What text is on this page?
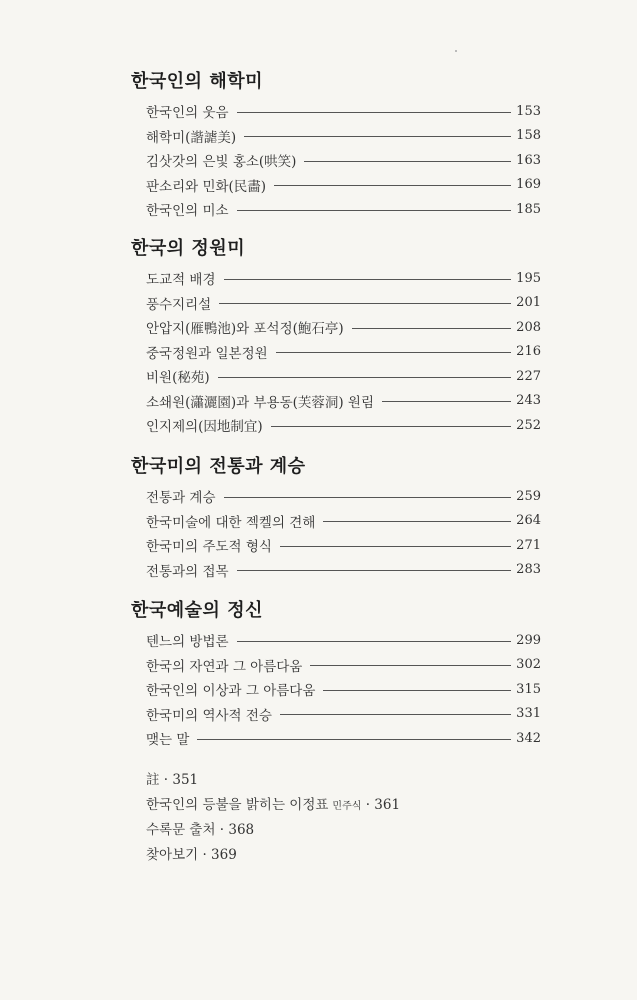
한국인의 해학미
한국인의 웃음	153
해학미(諧謔美)	158
김삿갓의 은빛 홍소(哄笑)	163
판소리와 민화(民畵)	169
한국인의 미소	185
한국의 정원미
도교적 배경	195
풍수지리설	201
안압지(雁鴨池)와 포석정(鮑石亭)	208
중국정원과 일본정원	216
비원(秘苑)	227
소쇄원(瀟灑園)과 부용동(芙蓉洞) 원림	243
인지제의(因地制宜)	252
한국미의 전통과 계승
전통과 계승	259
한국미술에 대한 젝켈의 견해	264
한국미의 주도적 형식	271
전통과의 접목	283
한국예술의 정신
텐느의 방법론	299
한국의 자연과 그 아름다움	302
한국인의 이상과 그 아름다움	315
한국미의 역사적 전승	331
맺는 말	342
註 · 351
한국인의 등불을 밝히는 이정표 민주식 · 361
수록문 출처 · 368
찾아보기 · 369
